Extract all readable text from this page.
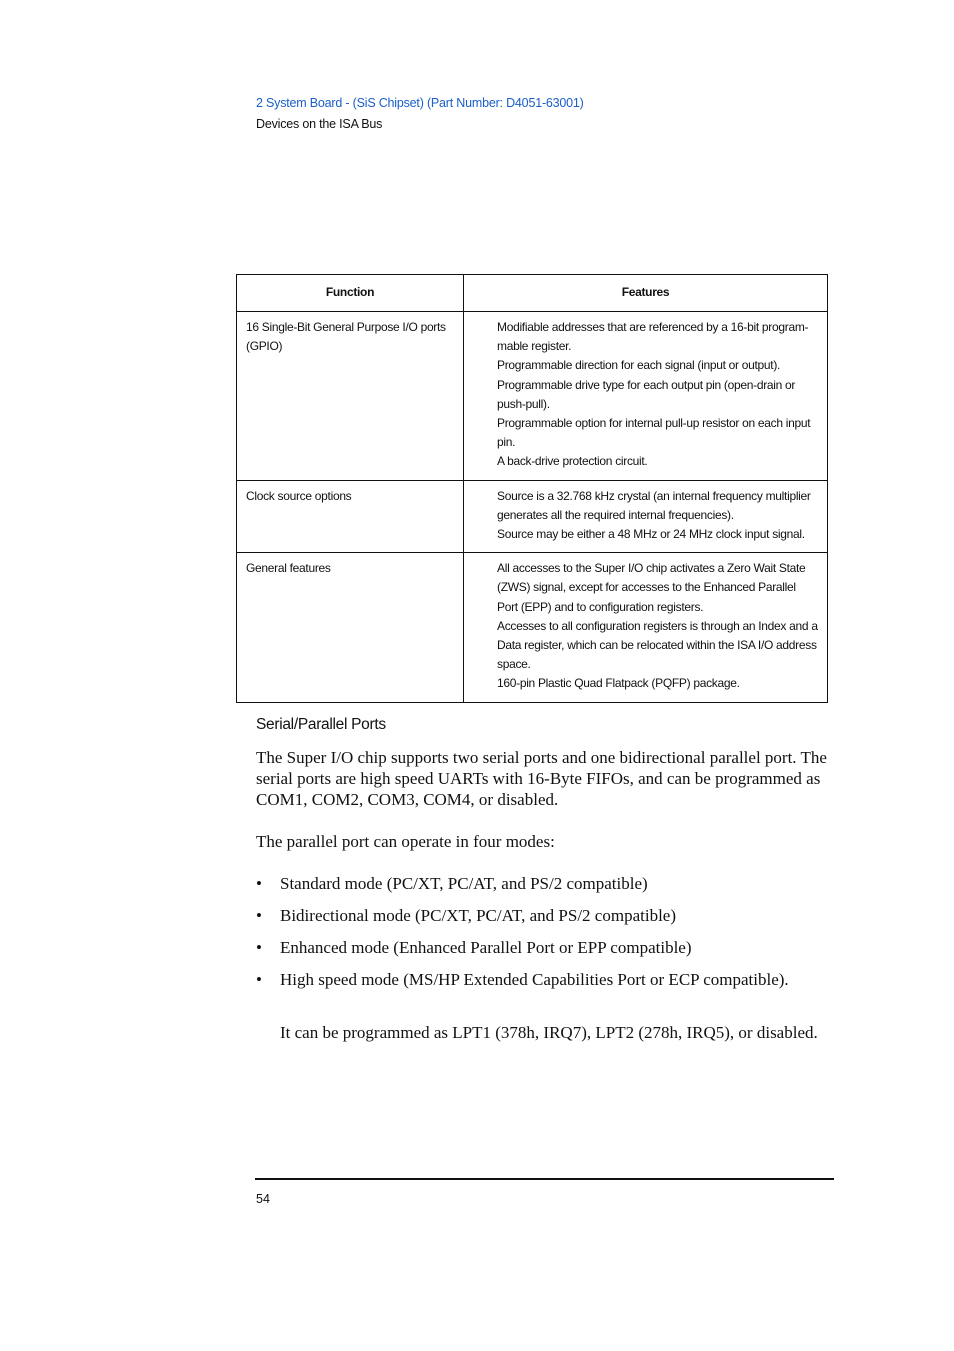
2 System Board - (SiS Chipset) (Part Number: D4051-63001)
Devices on the ISA Bus
Function	Features
16 Single-Bit General Purpose I/O ports (GPIO)	Modifiable addresses that are referenced by a 16-bit program-mable register.
Programmable direction for each signal (input or output).
Programmable drive type for each output pin (open-drain or push-pull).
Programmable option for internal pull-up resistor on each input pin.
A back-drive protection circuit.

Clock source options	Source is a 32.768 kHz crystal (an internal frequency multiplier generates all the required internal frequencies).
Source may be either a 48 MHz or 24 MHz clock input signal.

General features	All accesses to the Super I/O chip activates a Zero Wait State (ZWS) signal, except for accesses to the Enhanced Parallel Port (EPP) and to configuration registers.
Accesses to all configuration registers is through an Index and a Data register, which can be relocated within the ISA I/O address space.
160-pin Plastic Quad Flatpack (PQFP) package.
Serial/Parallel Ports

The Super I/O chip supports two serial ports and one bidirectional parallel port. The serial ports are high speed UARTs with 16-Byte FIFOs, and can be programmed as COM1, COM2, COM3, COM4, or disabled.

The parallel port can operate in four modes:

• Standard mode (PC/XT, PC/AT, and PS/2 compatible)
• Bidirectional mode (PC/XT, PC/AT, and PS/2 compatible)
• Enhanced mode (Enhanced Parallel Port or EPP compatible)
• High speed mode (MS/HP Extended Capabilities Port or ECP compatible).

It can be programmed as LPT1 (378h, IRQ7), LPT2 (278h, IRQ5), or disabled.

54
